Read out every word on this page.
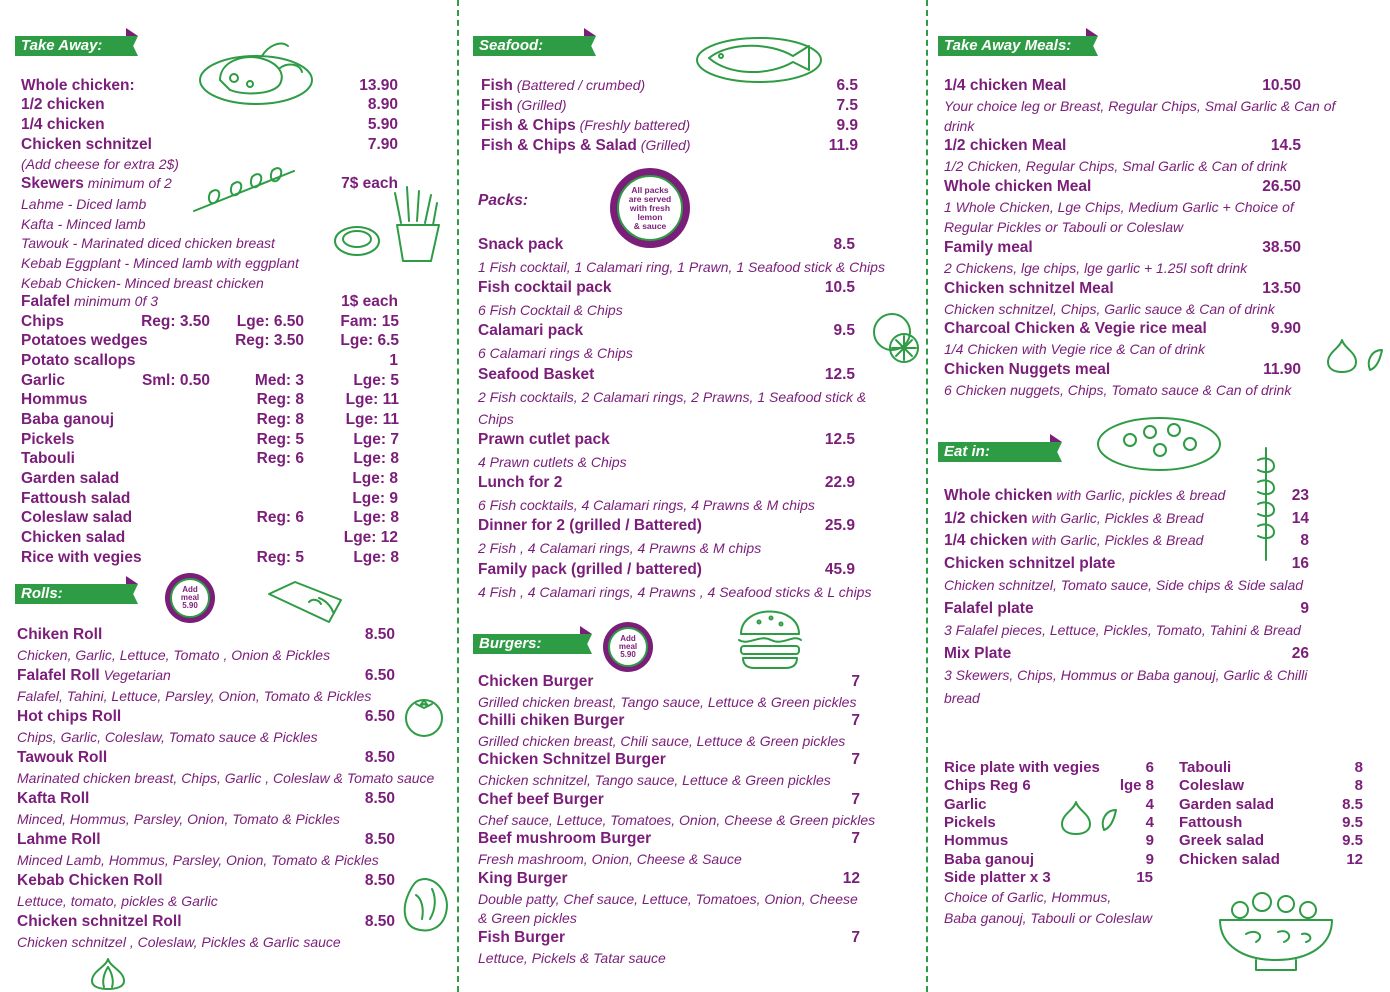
Take Away:
Whole chicken:	13.90
1/2 chicken	8.90
1/4 chicken	5.90
Chicken schnitzel	7.90
(Add cheese for extra 2$)
Skewers minimum of 2	7$ each
Lahme - Diced lamb
Kafta - Minced lamb
Tawouk - Marinated diced chicken breast
Kebab Eggplant - Minced lamb with eggplant
Kebab Chicken- Minced breast chicken
Falafel minimum 0f 3	1$ each
Chips	Reg: 3.50 Lge: 6.50 Fam: 15
Potatoes wedges	Reg: 3.50 Lge: 6.5
Potato scallops	1
Garlic	Sml: 0.50	Med: 3	Lge: 5
Hommus	Reg: 8	Lge: 11
Baba ganouj	Reg: 8	Lge: 11
Pickels	Reg: 5	Lge: 7
Tabouli	Reg: 6	Lge: 8
Garden salad	Lge: 8
Fattoush salad	Lge: 9
Coleslaw salad	Reg: 6	Lge: 8
Chicken salad	Lge: 12
Rice with vegies	Reg: 5	Lge: 8
Rolls:	Add
meal
5.90
Chiken Roll	8.50
Chicken, Garlic, Lettuce, Tomato , Onion & Pickles
Falafel Roll Vegetarian	6.50
Falafel, Tahini, Lettuce, Parsley, Onion, Tomato & Pickles
Hot chips Roll	6.50
Chips, Garlic, Coleslaw, Tomato sauce & Pickles
Tawouk Roll	8.50
Marinated chicken breast, Chips, Garlic , Coleslaw & Tomato sauce
Kafta Roll	8.50
Minced, Hommus, Parsley, Onion, Tomato & Pickles
Lahme Roll	8.50
Minced Lamb, Hommus, Parsley, Onion, Tomato & Pickles
Kebab Chicken Roll	8.50
Lettuce, tomato, pickles & Garlic
Chicken schnitzel Roll	8.50
Chicken schnitzel , Coleslaw, Pickles & Garlic sauce
Seafood:
Fish (Battered / crumbed)	6.5
Fish (Grilled)	7.5
Fish & Chips (Freshly battered)	9.9
Fish & Chips & Salad (Grilled)	11.9
Packs:
All packs
are served
with fresh
lemon
& sauce
Snack pack	8.5
1 Fish cocktail, 1 Calamari ring, 1 Prawn, 1 Seafood stick & Chips
Fish cocktail pack	10.5
6 Fish Cocktail & Chips
Calamari pack	9.5
6 Calamari rings & Chips
Seafood Basket	12.5
2 Fish cocktails, 2 Calamari rings, 2 Prawns, 1 Seafood stick &
Chips
Prawn cutlet pack	12.5
4 Prawn cutlets & Chips
Lunch for 2	22.9
6 Fish cocktails, 4 Calamari rings, 4 Prawns & M chips
Dinner for 2 (grilled / Battered)	25.9
2 Fish , 4 Calamari rings, 4 Prawns & M chips
Family pack (grilled / battered)	45.9
4 Fish , 4 Calamari rings, 4 Prawns , 4 Seafood sticks & L chips
Burgers:	Add
meal
5.90
Chicken Burger	7
Grilled chicken breast, Tango sauce, Lettuce & Green pickles
Chilli chiken Burger	7
Grilled chicken breast, Chili sauce, Lettuce & Green pickles
Chicken Schnitzel Burger	7
Chicken schnitzel, Tango sauce, Lettuce & Green pickles
Chef beef Burger	7
Chef sauce, Lettuce, Tomatoes, Onion, Cheese & Green pickles
Beef mushroom Burger	7
Fresh mashroom, Onion, Cheese & Sauce
King Burger	12
Double patty, Chef sauce, Lettuce, Tomatoes, Onion, Cheese
& Green pickles
Fish Burger	7
Lettuce, Pickels & Tatar sauce
Take Away Meals:
1/4 chicken Meal	10.50
Your choice leg or Breast, Regular Chips, Smal Garlic & Can of
drink
1/2 chicken Meal	14.5
1/2 Chicken, Regular Chips, Smal Garlic & Can of drink
Whole chicken Meal	26.50
1 Whole Chicken, Lge Chips, Medium Garlic + Choice of
Regular Pickles or Tabouli or Coleslaw
Family meal	38.50
2 Chickens, lge chips, lge garlic + 1.25l soft drink
Chicken schnitzel Meal	13.50
Chicken schnitzel, Chips, Garlic sauce & Can of drink
Charcoal Chicken & Vegie rice meal	9.90
1/4 Chicken with Vegie rice & Can of drink
Chicken Nuggets meal	11.90
6 Chicken nuggets, Chips, Tomato sauce & Can of drink
Eat in:
Whole chicken with Garlic, pickles & bread	23
1/2 chicken with Garlic, Pickles & Bread	14
1/4 chicken with Garlic, Pickles & Bread	8
Chicken schnitzel plate	16
Chicken schnitzel, Tomato sauce, Side chips & Side salad
Falafel plate	9
3 Falafel pieces, Lettuce, Pickles, Tomato, Tahini & Bread
Mix Plate	26
3 Skewers, Chips, Hommus or Baba ganouj, Garlic & Chilli
bread
Rice plate with vegies	6
Chips Reg 6	lge 8
Garlic	4
Pickels	4
Hommus	9
Baba ganouj	9
Side platter x 3	15
Tabouli	8
Coleslaw	8
Garden salad	8.5
Fattoush	9.5
Greek salad	9.5
Chicken salad	12
Choice of Garlic, Hommus,
Baba ganouj, Tabouli or Coleslaw
